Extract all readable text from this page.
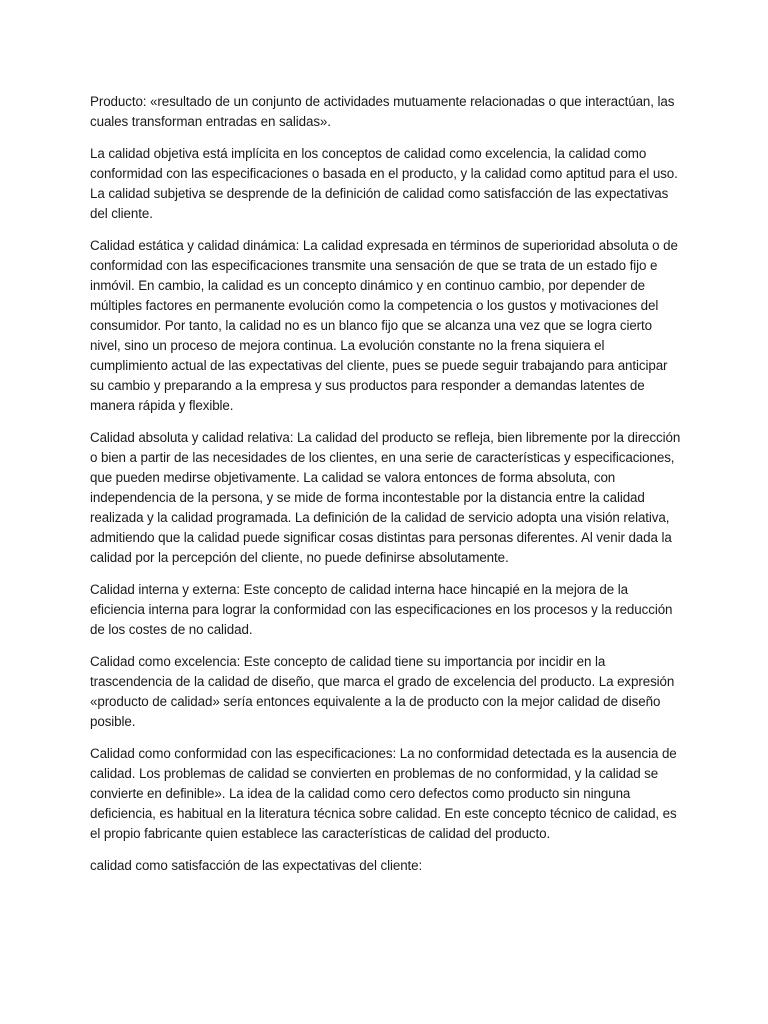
Producto: «resultado de un conjunto de actividades mutuamente relacionadas o que interactúan, las cuales transforman entradas en salidas».

La calidad objetiva está implícita en los conceptos de calidad como excelencia, la calidad como conformidad con las especificaciones o basada en el producto, y la calidad como aptitud para el uso. La calidad subjetiva se desprende de la definición de calidad como satisfacción de las expectativas del cliente.

Calidad estática y calidad dinámica: La calidad expresada en términos de superioridad absoluta o de conformidad con las especificaciones transmite una sensación de que se trata de un estado fijo e inmóvil. En cambio, la calidad es un concepto dinámico y en continuo cambio, por depender de múltiples factores en permanente evolución como la competencia o los gustos y motivaciones del consumidor. Por tanto, la calidad no es un blanco fijo que se alcanza una vez que se logra cierto nivel, sino un proceso de mejora continua. La evolución constante no la frena siquiera el cumplimiento actual de las expectativas del cliente, pues se puede seguir trabajando para anticipar su cambio y preparando a la empresa y sus productos para responder a demandas latentes de manera rápida y flexible.

Calidad absoluta y calidad relativa: La calidad del producto se refleja, bien libremente por la dirección o bien a partir de las necesidades de los clientes, en una serie de características y especificaciones, que pueden medirse objetivamente. La calidad se valora entonces de forma absoluta, con independencia de la persona, y se mide de forma incontestable por la distancia entre la calidad realizada y la calidad programada. La definición de la calidad de servicio adopta una visión relativa, admitiendo que la calidad puede significar cosas distintas para personas diferentes. Al venir dada la calidad por la percepción del cliente, no puede definirse absolutamente.

Calidad interna y externa: Este concepto de calidad interna hace hincapié en la mejora de la eficiencia interna para lograr la conformidad con las especificaciones en los procesos y la reducción de los costes de no calidad.

Calidad como excelencia: Este concepto de calidad tiene su importancia por incidir en la trascendencia de la calidad de diseño, que marca el grado de excelencia del producto. La expresión «producto de calidad» sería entonces equivalente a la de producto con la mejor calidad de diseño posible.

Calidad como conformidad con las especificaciones: La no conformidad detectada es la ausencia de calidad. Los problemas de calidad se convierten en problemas de no conformidad, y la calidad se convierte en definible». La idea de la calidad como cero defectos como producto sin ninguna deficiencia, es habitual en la literatura técnica sobre calidad. En este concepto técnico de calidad, es el propio fabricante quien establece las características de calidad del producto.

calidad como satisfacción de las expectativas del cliente:
